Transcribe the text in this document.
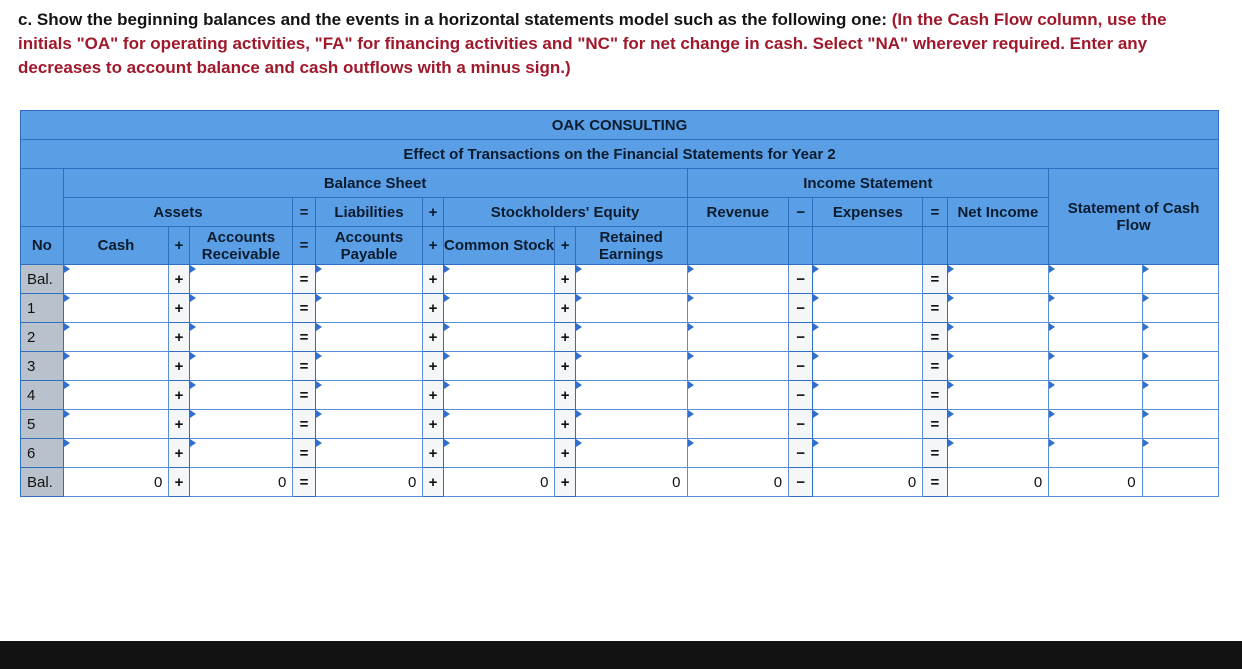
c. Show the beginning balances and the events in a horizontal statements model such as the following one: (In the Cash Flow column, use the initials "OA" for operating activities, "FA" for financing activities and "NC" for net change in cash. Select "NA" wherever required. Enter any decreases to account balance and cash outflows with a minus sign.)
OAK CONSULTING																
Effect of Transactions on the Financial Statements for Year 2																
	Balance Sheet									Income Statement					Statement of Cash Flow	
	Assets			=	Liabilities	+	Stockholders' Equity			Revenue	−	Expenses	=	Net Income		
No	Cash	+	Accounts Receivable	=	Accounts Payable	+	Common Stock	+	Retained Earnings							
Bal.		+		=		+		+			−		=			
1		+		=		+		+			−		=			
2		+		=		+		+			−		=			
3		+		=		+		+			−		=			
4		+		=		+		+			−		=			
5		+		=		+		+			−		=			
6		+		=		+		+			−		=			
Bal.	0	+	0	=	0	+	0	+	0	0	−	0	=	0	0	
